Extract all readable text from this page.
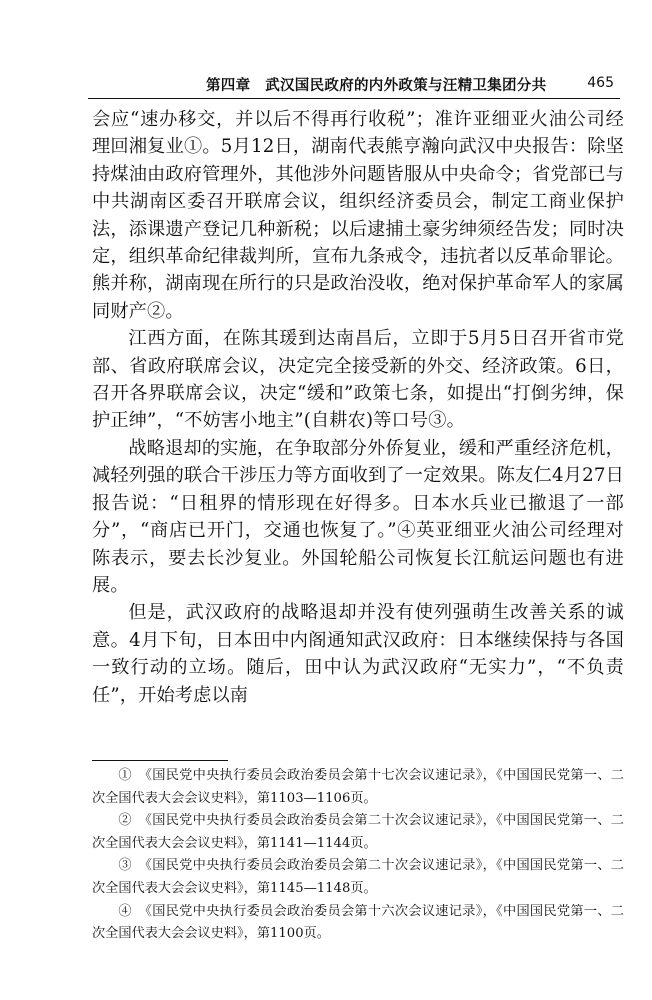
第四章　武汉国民政府的内外政策与汪精卫集团分共	465

会应“速办移交，并以后不得再行收税”；准许亚细亚火油公司经理回湘复业①。5月12日，湖南代表熊亨瀚向武汉中央报告：除坚持煤油由政府管理外，其他涉外问题皆服从中央命令；省党部已与中共湖南区委召开联席会议，组织经济委员会，制定工商业保护法，添课遗产登记几种新税；以后逮捕土豪劣绅须经告发；同时决定，组织革命纪律裁判所，宣布九条戒令，违抗者以反革命罪论。熊并称，湖南现在所行的只是政治没收，绝对保护革命军人的家属同财产②。

江西方面，在陈其瑗到达南昌后，立即于5月5日召开省市党部、省政府联席会议，决定完全接受新的外交、经济政策。6日，召开各界联席会议，决定“缓和”政策七条，如提出“打倒劣绅，保护正绅”，“不妨害小地主”(自耕农)等口号③。

战略退却的实施，在争取部分外侨复业，缓和严重经济危机，减轻列强的联合干涉压力等方面收到了一定效果。陈友仁4月27日报告说：“日租界的情形现在好得多。日本水兵业已撤退了一部分”，“商店已开门，交通也恢复了。”④英亚细亚火油公司经理对陈表示，要去长沙复业。外国轮船公司恢复长江航运问题也有进展。

但是，武汉政府的战略退却并没有使列强萌生改善关系的诚意。4月下旬，日本田中内阁通知武汉政府：日本继续保持与各国一致行动的立场。随后，田中认为武汉政府“无实力”，“不负责任”，开始考虑以南

①　《国民党中央执行委员会政治委员会第十七次会议速记录》，《中国国民党第一、二次全国代表大会会议史料》，第1103—1106页。

②　《国民党中央执行委员会政治委员会第二十次会议速记录》，《中国国民党第一、二次全国代表大会会议史料》，第1141—1144页。

③　《国民党中央执行委员会政治委员会第二十次会议速记录》，《中国国民党第一、二次全国代表大会会议史料》，第1145—1148页。

④　《国民党中央执行委员会政治委员会第十六次会议速记录》，《中国国民党第一、二次全国代表大会会议史料》，第1100页。
